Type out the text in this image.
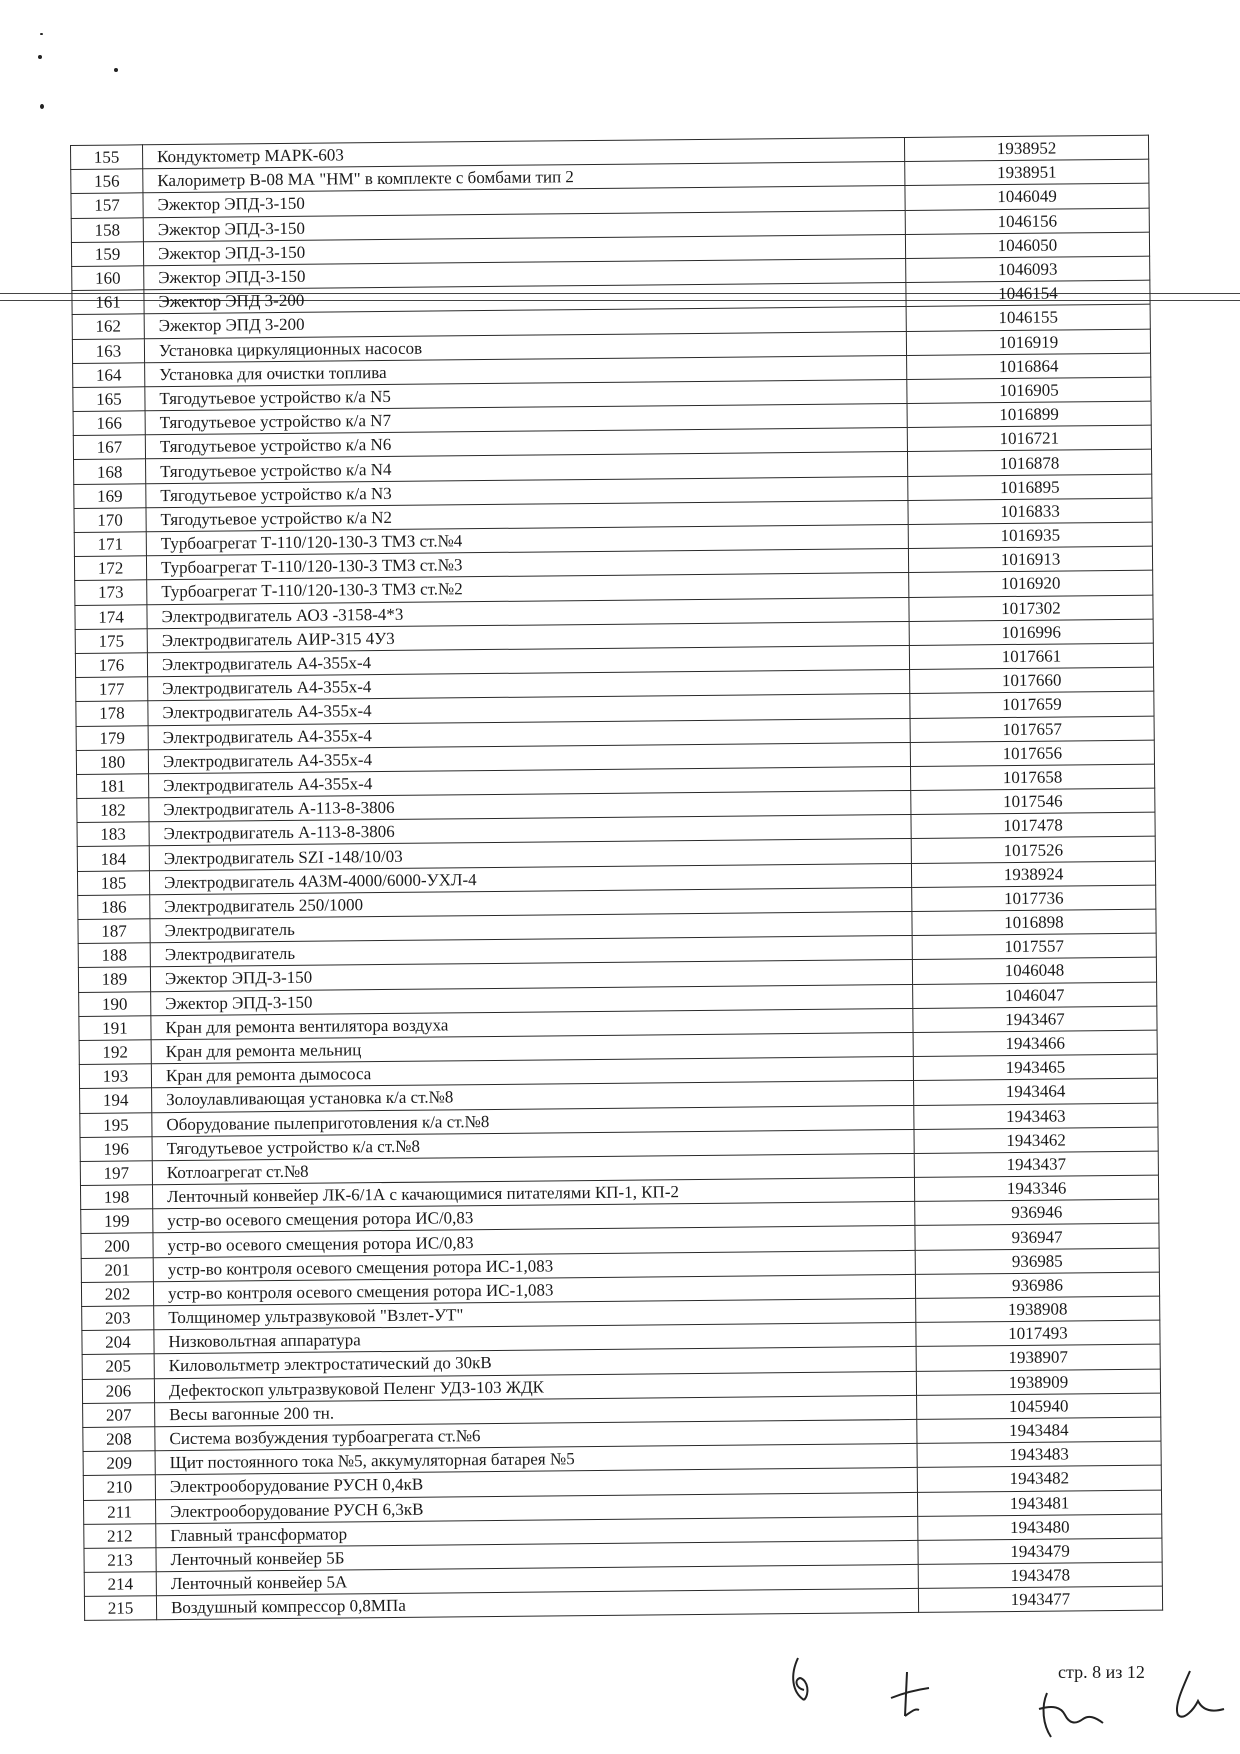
155	Кондуктометр МАРК-603	1938952
156	Калориметр В-08 МА "НМ" в комплекте с бомбами тип 2	1938951
157	Эжектор ЭПД-3-150	1046049
158	Эжектор ЭПД-3-150	1046156
159	Эжектор ЭПД-3-150	1046050
160	Эжектор ЭПД-3-150	1046093
161	Эжектор ЭПД 3-200	1046154
162	Эжектор ЭПД 3-200	1046155
163	Установка циркуляционных насосов	1016919
164	Установка для очистки топлива	1016864
165	Тягодутьевое устройство к/а N5	1016905
166	Тягодутьевое устройство к/а N7	1016899
167	Тягодутьевое устройство к/а N6	1016721
168	Тягодутьевое устройство к/а N4	1016878
169	Тягодутьевое устройство к/а N3	1016895
170	Тягодутьевое устройство к/а N2	1016833
171	Турбоагрегат Т-110/120-130-3 ТМЗ ст.№4	1016935
172	Турбоагрегат Т-110/120-130-3 ТМЗ ст.№3	1016913
173	Турбоагрегат Т-110/120-130-3 ТМЗ ст.№2	1016920
174	Электродвигатель АОЗ -3158-4*3	1017302
175	Электродвигатель АИР-315 4У3	1016996
176	Электродвигатель А4-355х-4	1017661
177	Электродвигатель А4-355х-4	1017660
178	Электродвигатель А4-355х-4	1017659
179	Электродвигатель А4-355х-4	1017657
180	Электродвигатель А4-355х-4	1017656
181	Электродвигатель А4-355х-4	1017658
182	Электродвигатель А-113-8-3806	1017546
183	Электродвигатель А-113-8-3806	1017478
184	Электродвигатель SZI -148/10/03	1017526
185	Электродвигатель 4АЗМ-4000/6000-УХЛ-4	1938924
186	Электродвигатель 250/1000	1017736
187	Электродвигатель	1016898
188	Электродвигатель	1017557
189	Эжектор ЭПД-3-150	1046048
190	Эжектор ЭПД-3-150	1046047
191	Кран для ремонта вентилятора воздуха	1943467
192	Кран для ремонта мельниц	1943466
193	Кран для ремонта дымососа	1943465
194	Золоулавливающая установка к/а ст.№8	1943464
195	Оборудование пылеприготовления к/а ст.№8	1943463
196	Тягодутьевое устройство к/а ст.№8	1943462
197	Котлоагрегат ст.№8	1943437
198	Ленточный конвейер ЛК-6/1А с качающимися питателями КП-1, КП-2	1943346
199	устр-во осевого смещения ротора ИС/0,83	936946
200	устр-во осевого смещения ротора ИС/0,83	936947
201	устр-во контроля осевого смещения ротора ИС-1,083	936985
202	устр-во контроля осевого смещения ротора ИС-1,083	936986
203	Толщиномер ультразвуковой "Взлет-УТ"	1938908
204	Низковольтная аппаратура	1017493
205	Киловольтметр электростатический до 30кВ	1938907
206	Дефектоскоп ультразвуковой Пеленг УДЗ-103 ЖДК	1938909
207	Весы вагонные 200 тн.	1045940
208	Система возбуждения турбоагрегата ст.№6	1943484
209	Щит постоянного тока №5, аккумуляторная батарея №5	1943483
210	Электрооборудование РУСН 0,4кВ	1943482
211	Электрооборудование РУСН 6,3кВ	1943481
212	Главный трансформатор	1943480
213	Ленточный конвейер 5Б	1943479
214	Ленточный конвейер 5А	1943478
215	Воздушный компрессор 0,8МПа	1943477
стр. 8 из 12
